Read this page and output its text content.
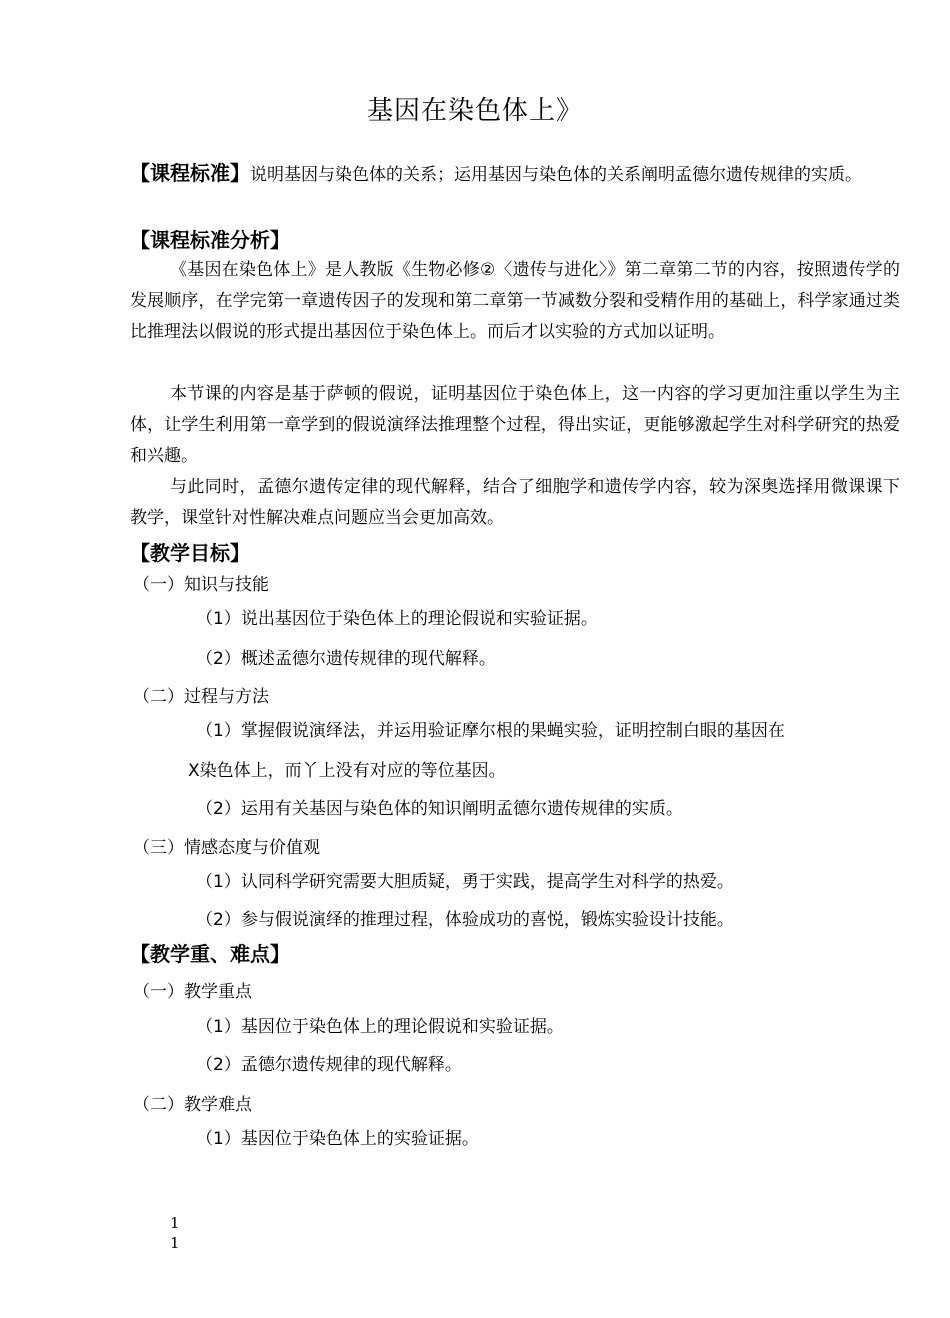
基因在染色体上》
【课程标准】说明基因与染色体的关系；运用基因与染色体的关系阐明孟德尔遗传规律的实质。
【课程标准分析】
《基因在染色体上》是人教版《生物必修②〈遗传与进化〉》第二章第二节的内容，按照遗传学的发展顺序，在学完第一章遗传因子的发现和第二章第一节减数分裂和受精作用的基础上，科学家通过类比推理法以假说的形式提出基因位于染色体上。而后才以实验的方式加以证明。
本节课的内容是基于萨顿的假说，证明基因位于染色体上，这一内容的学习更加注重以学生为主体，让学生利用第一章学到的假说演绎法推理整个过程，得出实证，更能够激起学生对科学研究的热爱和兴趣。
与此同时，孟德尔遗传定律的现代解释，结合了细胞学和遗传学内容，较为深奥选择用微课课下教学，课堂针对性解决难点问题应当会更加高效。
【教学目标】
（一）知识与技能
（1）说出基因位于染色体上的理论假说和实验证据。
（2）概述孟德尔遗传规律的现代解释。
（二）过程与方法
（1）掌握假说演绎法，并运用验证摩尔根的果蝇实验，证明控制白眼的基因在
X染色体上，而丫上没有对应的等位基因。
（2）运用有关基因与染色体的知识阐明孟德尔遗传规律的实质。
（三）情感态度与价值观
（1）认同科学研究需要大胆质疑，勇于实践，提高学生对科学的热爱。
（2）参与假说演绎的推理过程，体验成功的喜悦，锻炼实验设计技能。
【教学重、难点】
（一）教学重点
（1）基因位于染色体上的理论假说和实验证据。
（2）孟德尔遗传规律的现代解释。
（二）教学难点
（1）基因位于染色体上的实验证据。
1
1
